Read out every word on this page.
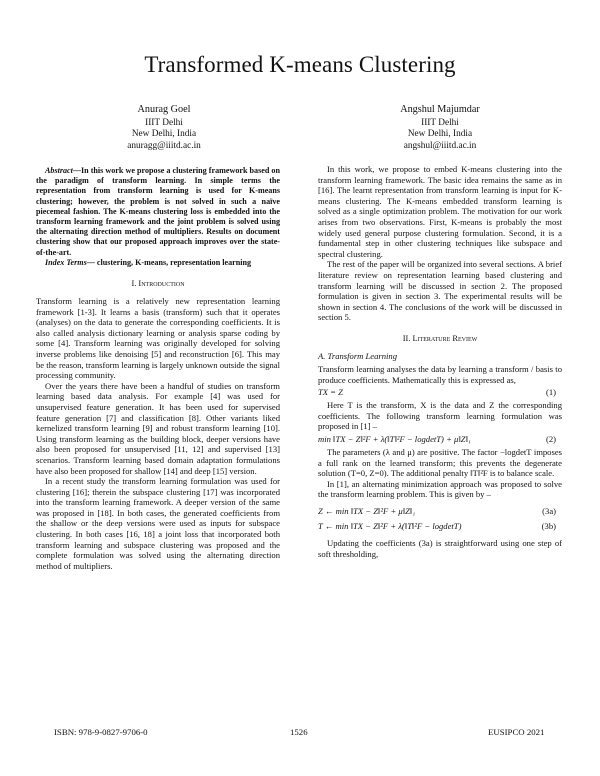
Transformed K-means Clustering
Anurag Goel
IIIT Delhi
New Delhi, India
anuragg@iiitd.ac.in
Angshul Majumdar
IIIT Delhi
New Delhi, India
angshul@iiitd.ac.in

Abstract—In this work we propose a clustering framework based on the paradigm of transform learning. In simple terms the representation from transform learning is used for K-means clustering; however, the problem is not solved in such a naïve piecemeal fashion. The K-means clustering loss is embedded into the transform learning framework and the joint problem is solved using the alternating direction method of multipliers. Results on document clustering show that our proposed approach improves over the state-of-the-art.

Index Terms— clustering, K-means, representation learning

I. Introduction

Transform learning is a relatively new representation learning framework [1-3]. It learns a basis (transform) such that it operates (analyses) on the data to generate the corresponding coefficients. It is also called analysis dictionary learning or analysis sparse coding by some [4]. Transform learning was originally developed for solving inverse problems like denoising [5] and reconstruction [6]. This may be the reason, transform learning is largely unknown outside the signal processing community.

Over the years there have been a handful of studies on transform learning based data analysis. For example [4] was used for unsupervised feature generation. It has been used for supervised feature generation [7] and classification [8]. Other variants liked kernelized transform learning [9] and robust transform learning [10]. Using transform learning as the building block, deeper versions have also been proposed for unsupervised [11, 12] and supervised [13] scenarios. Transform learning based domain adaptation formulations have also been proposed for shallow [14] and deep [15] version.

In a recent study the transform learning formulation was used for clustering [16]; therein the subspace clustering [17] was incorporated into the transform learning framework. A deeper version of the same was proposed in [18]. In both cases, the generated coefficients from the shallow or the deep versions were used as inputs for subspace clustering. In both cases [16, 18] a joint loss that incorporated both transform learning and subspace clustering was proposed and the complete formulation was solved using the alternating direction method of multipliers.

In this work, we propose to embed K-means clustering into the transform learning framework. The basic idea remains the same as in [16]. The learnt representation from transform learning is input for K-means clustering. The K-means embedded transform learning is solved as a single optimization problem. The motivation for our work arises from two observations. First, K-means is probably the most widely used general purpose clustering formulation. Second, it is a fundamental step in other clustering techniques like subspace and spectral clustering.

The rest of the paper will be organized into several sections. A brief literature review on representation learning based clustering and transform learning will be discussed in section 2. The proposed formulation is given in section 3. The experimental results will be shown in section 4. The conclusions of the work will be discussed in section 5.

II. Literature Review
A. Transform Learning

Transform learning analyses the data by learning a transform / basis to produce coefficients. Mathematically this is expressed as,

TX = Z	(1)

Here T is the transform, X is the data and Z the corresponding coefficients. The following transform learning formulation was proposed in [1] –

min ‖TX − Z‖²F + λ(‖T‖²F − logdetT) + μ‖Z‖₁	(2)

The parameters (λ and μ) are positive. The factor −logdetT imposes a full rank on the learned transform; this prevents the degenerate solution (T=0, Z=0). The additional penalty ‖T‖²F is to balance scale.

In [1], an alternating minimization approach was proposed to solve the transform learning problem. This is given by –

Z ← min ‖TX − Z‖²F + μ‖Z‖₁	(3a)
T ← min ‖TX − Z‖²F + λ(‖T‖²F − logdetT)	(3b)

Updating the coefficients (3a) is straightforward using one step of soft thresholding,

ISBN: 978-9-0827-9706-0	1526	EUSIPCO 2021
